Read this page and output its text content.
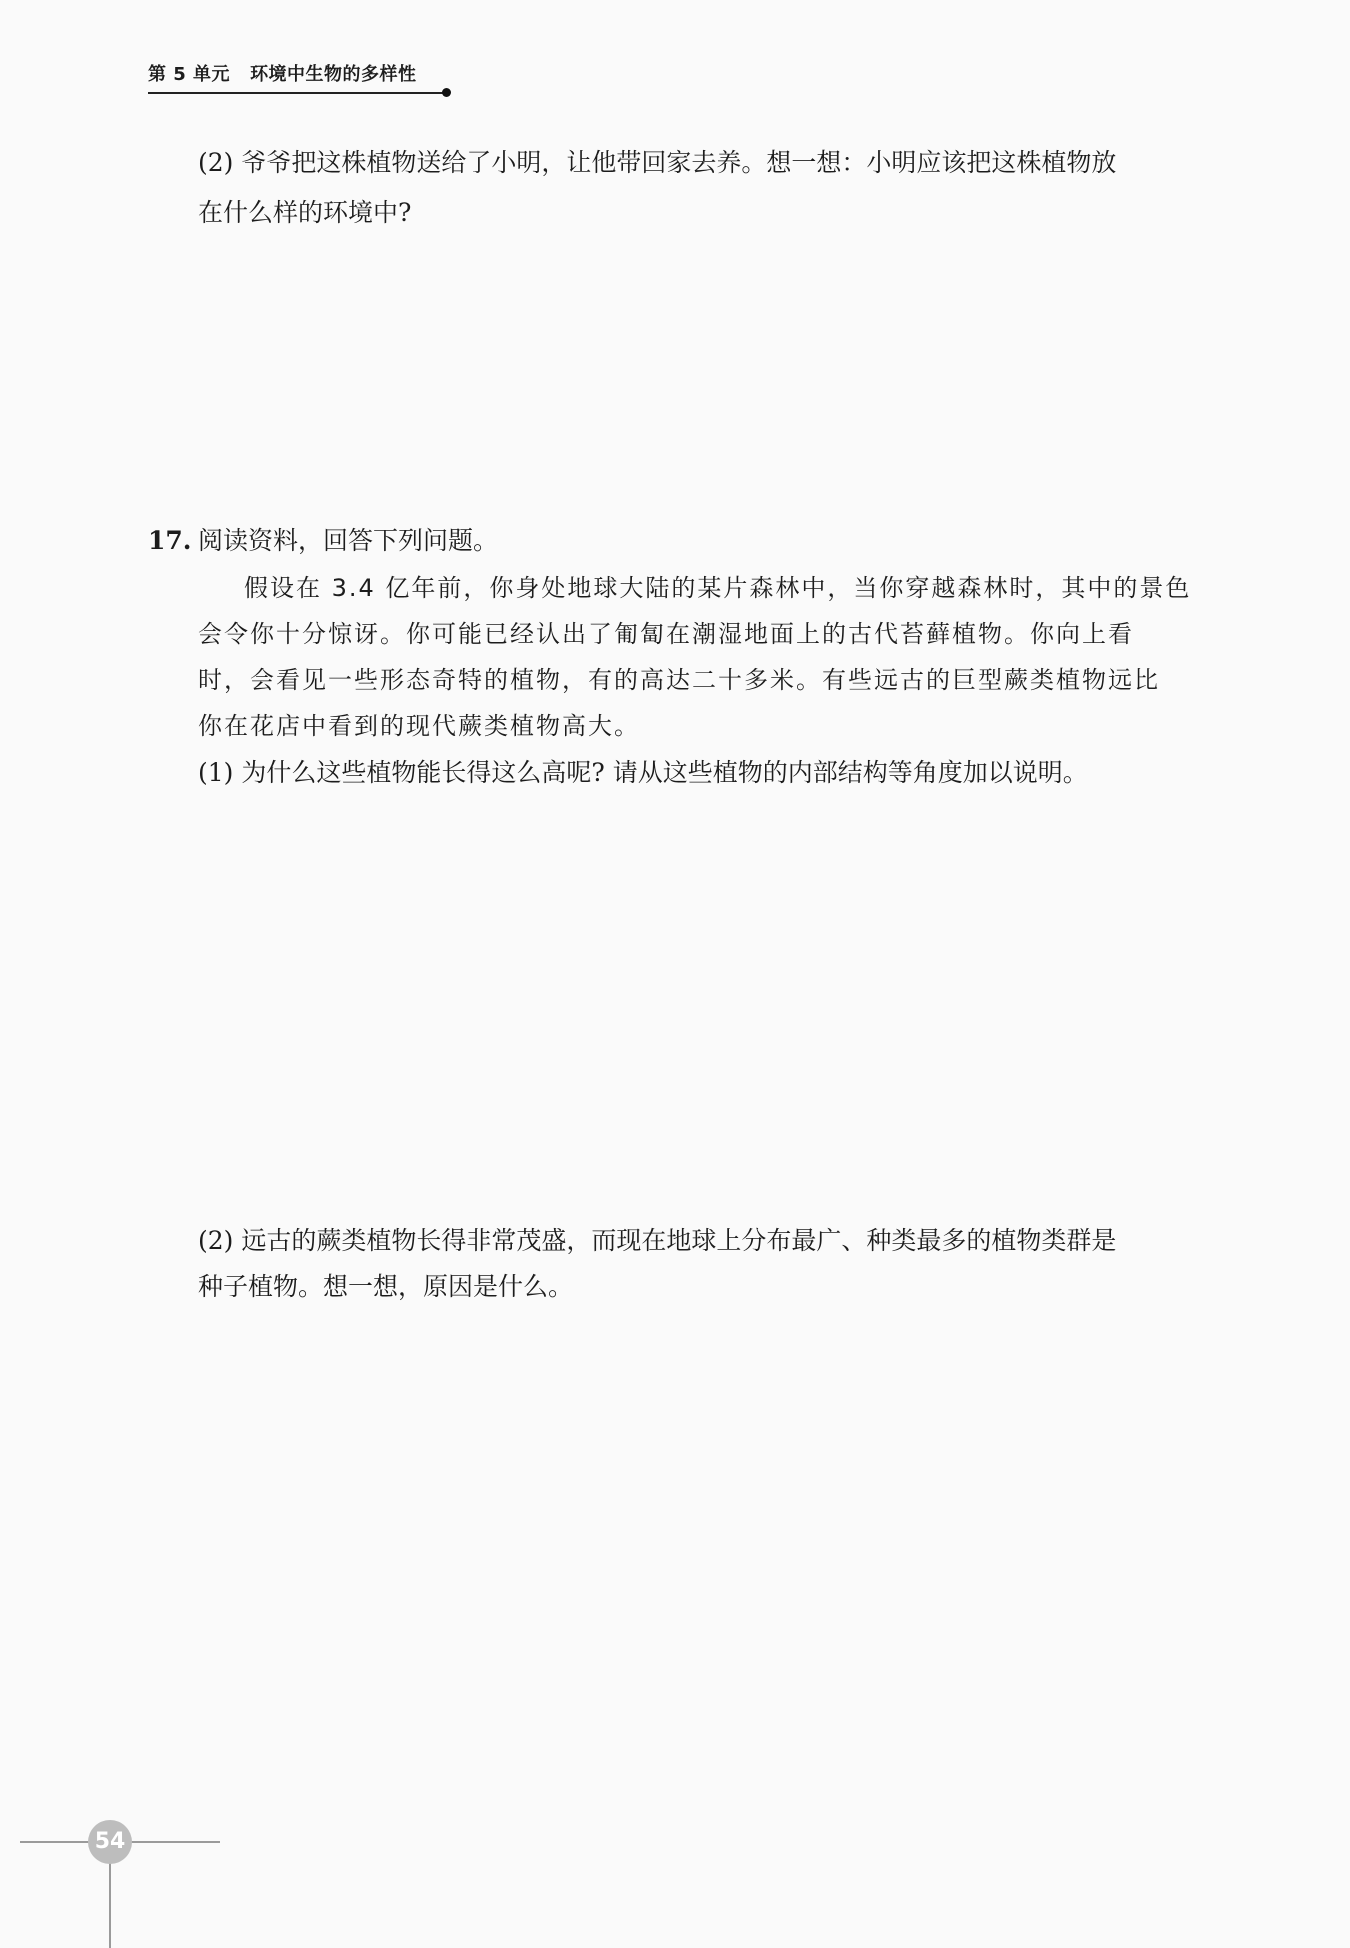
第 5 单元 环境中生物的多样性
(2) 爷爷把这株植物送给了小明，让他带回家去养。想一想：小明应该把这株植物放
在什么样的环境中?
17. 阅读资料，回答下列问题。
假设在 3.4 亿年前，你身处地球大陆的某片森林中，当你穿越森林时，其中的景色
会令你十分惊讶。你可能已经认出了匍匐在潮湿地面上的古代苔藓植物。你向上看
时，会看见一些形态奇特的植物，有的高达二十多米。有些远古的巨型蕨类植物远比
你在花店中看到的现代蕨类植物高大。
(1) 为什么这些植物能长得这么高呢? 请从这些植物的内部结构等角度加以说明。
(2) 远古的蕨类植物长得非常茂盛，而现在地球上分布最广、种类最多的植物类群是
种子植物。想一想，原因是什么。
54
